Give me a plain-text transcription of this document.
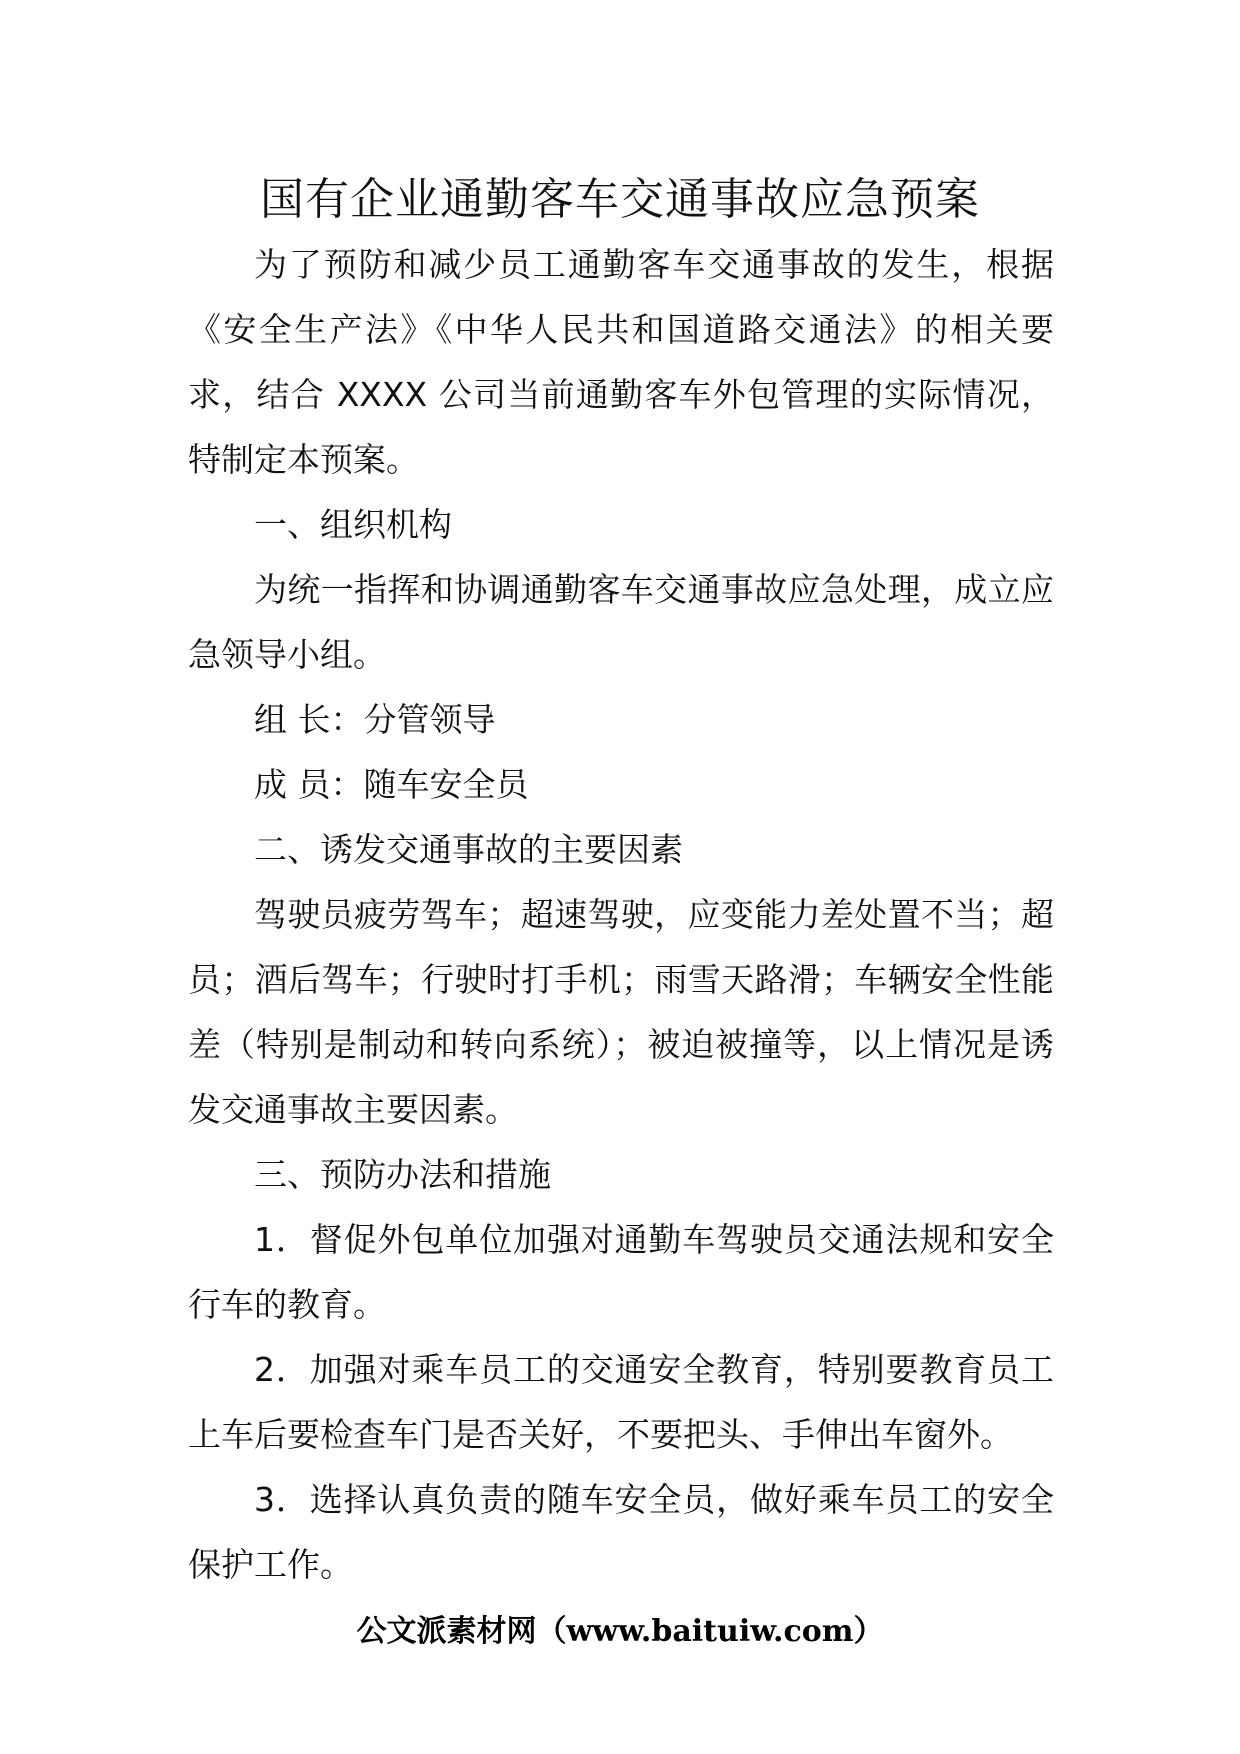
国有企业通勤客车交通事故应急预案

为了预防和减少员工通勤客车交通事故的发生，根据《安全生产法》《中华人民共和国道路交通法》的相关要求，结合 XXXX 公司当前通勤客车外包管理的实际情况，特制定本预案。

一、组织机构

为统一指挥和协调通勤客车交通事故应急处理，成立应急领导小组。

组 长：分管领导

成 员：随车安全员

二、诱发交通事故的主要因素

驾驶员疲劳驾车；超速驾驶，应变能力差处置不当；超员；酒后驾车；行驶时打手机；雨雪天路滑；车辆安全性能差（特别是制动和转向系统）；被迫被撞等，以上情况是诱发交通事故主要因素。

三、预防办法和措施

1．督促外包单位加强对通勤车驾驶员交通法规和安全行车的教育。

2．加强对乘车员工的交通安全教育，特别要教育员工上车后要检查车门是否关好，不要把头、手伸出车窗外。

3．选择认真负责的随车安全员，做好乘车员工的安全保护工作。

公文派素材网（www.baituiw.com）
